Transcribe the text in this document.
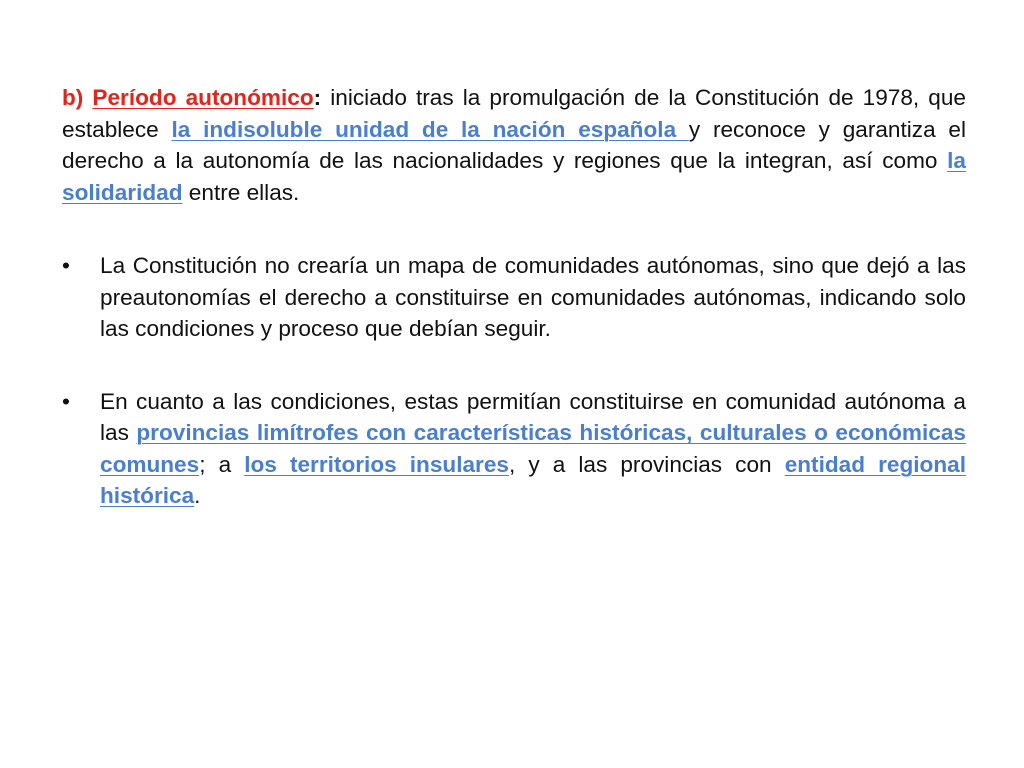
b) Período autonómico: iniciado tras la promulgación de la Constitución de 1978, que establece la indisoluble unidad de la nación española y reconoce y garantiza el derecho a la autonomía de las nacionalidades y regiones que la integran, así como la solidaridad entre ellas.

•	La Constitución no crearía un mapa de comunidades autónomas, sino que dejó a las preautonomías el derecho a constituirse en comunidades autónomas, indicando solo las condiciones y proceso que debían seguir.

•	En cuanto a las condiciones, estas permitían constituirse en comunidad autónoma a las provincias limítrofes con características históricas, culturales o económicas comunes; a los territorios insulares, y a las provincias con entidad regional histórica.
